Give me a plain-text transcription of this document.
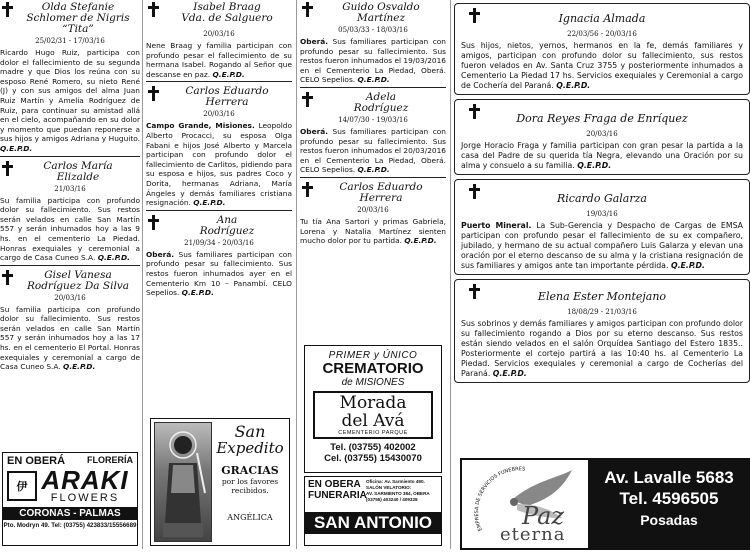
Olda Stefanie
Schlomer de Nigris
“Tita”
25/02/31 - 17/03/16
Ricardo Hugo Ruiz, participa con dolor el fallecimiento de su segunda madre y que Dios los reúna con su esposo René Romero, su nieto René (J) y con sus amigos del alma Juan Ruiz Martín y Amelia Rodríguez de Ruiz, para continuar su amistad allá en el cielo, acompañando en su dolor y momento que puedan reponerse a sus hijos y amigos Adriana y Huguito. Q.E.P.D.
Carlos María
Elizalde
21/03/16
Su familia participa con profundo dolor su fallecimiento. Sus restos serán velados en calle San Martín 557 y serán inhumados hoy a las 9 hs. en el cementerio La Piedad. Honras exequiales y ceremonial a cargo de Casa Cuneo S.A. Q.E.P.D.
Gisel Vanesa
Rodríguez Da Silva
20/03/16
Su familia participa con profundo dolor su fallecimiento. Sus restos serán velados en calle San Martín 557 y serán inhumados hoy a las 17 hs. en el cementerio El Portal. Honras exequiales y ceremonial a cargo de Casa Cuneo S.A. Q.E.P.D.
EN OBERÁ FLORERÍA
伊 ARAKI
FLOWERS
CORONAS - PALMAS
Pto. Modryn 49. Tel: (03755) 423833/15556689
Isabel Braag
Vda. de Salguero
20/03/16
Nene Braag y familia participan con profundo pesar el fallecimiento de su hermana Isabel. Rogando al Señor que descanse en paz. Q.E.P.D.
Carlos Eduardo
Herrera
20/03/16
Campo Grande, Misiones. Leopoldo Alberto Procacci, su esposa Olga Fabani e hijos José Alberto y Marcela participan con profundo dolor el fallecimiento de Carlitos, pidiendo para su esposa e hijos, sus padres Coco y Dorita, hermanas Adriana, María Ángeles y demás familiares cristiana resignación. Q.E.P.D.
Ana
Rodríguez
21/09/34 - 20/03/16
Oberá. Sus familiares participan con profundo pesar su fallecimiento. Sus restos fueron inhumados ayer en el Cementerio Km 10 – Panambí. CELO Sepelios. Q.E.P.D.
San
Expedito
GRACIAS
por los favores recibidos.
ANGÉLICA
Guido Osvaldo
Martínez
05/03/33 - 18/03/16
Oberá. Sus familiares participan con profundo pesar su fallecimiento. Sus restos fueron inhumados el 19/03/2016 en el Cementerio La Piedad, Oberá. CELO Sepelios. Q.E.P.D.
Adela
Rodríguez
14/07/30 - 19/03/16
Oberá. Sus familiares participan con profundo pesar su fallecimiento. Sus restos fueron inhumados el 20/03/2016 en el Cementerio La Piedad, Oberá. CELO Sepelios. Q.E.P.D.
Carlos Eduardo
Herrera
20/03/16
Tu tía Ana Sartori y primas Gabriela, Lorena y Natalia Martínez sienten mucho dolor por tu partida. Q.E.P.D.
PRIMER y ÚNICO
CREMATORIO
de MISIONES
Morada
del Avá
CEMENTERIO PARQUE
Tel. (03755) 402002
Cel. (03755) 15430070
EN OBERA
FUNERARIA
Oficina: Av. Sarmiento 490.
SALÓN VELATORIO:
AV. SARMIENTO 384, OBERA
(03755) 403240 / 409328
SAN ANTONIO
Ignacia Almada
22/03/56 - 20/03/16
Sus hijos, nietos, yernos, hermanos en la fe, demás familiares y amigos, participan con profundo dolor su fallecimiento, sus restos fueron velados en Av. Santa Cruz 3755 y posteriormente inhumados a Cementerio La Piedad 17 hs. Servicios exequiales y Ceremonial a cargo de Cochería del Paraná. Q.E.P.D.
Dora Reyes Fraga de Enríquez
20/03/16
Jorge Horacio Fraga y familia participan con gran pesar la partida a la casa del Padre de su querida tía Negra, elevando una Oración por su alma y consuelo a su familia. Q.E.P.D.
Ricardo Galarza
19/03/16
Puerto Mineral. La Sub-Gerencia y Despacho de Cargas de EMSA participan con profundo pesar el fallecimiento de su ex compañero, jubilado, y hermano de su actual compañero Luis Galarza y elevan una oración por el eterno descanso de su alma y la cristiana resignación de sus familiares y amigos ante tan importante pérdida. Q.E.P.D.
Elena Ester Montejano
18/08/29 - 21/03/16
Sus sobrinos y demás familiares y amigos participan con profundo dolor su fallecimiento rogando a Dios por su eterno descanso. Sus restos están siendo velados en el salón Orquídea Santiago del Estero 1835.. Posteriormente el cortejo partirá a las 10:40 hs. al Cementerio La Piedad. Servicios exequiales y ceremonial a cargo de Cocherías del Paraná. Q.E.P.D.
EMPRESA DE SERVICIOS FUNEBRES
Paz
eterna
Av. Lavalle 5683
Tel. 4596505
Posadas
